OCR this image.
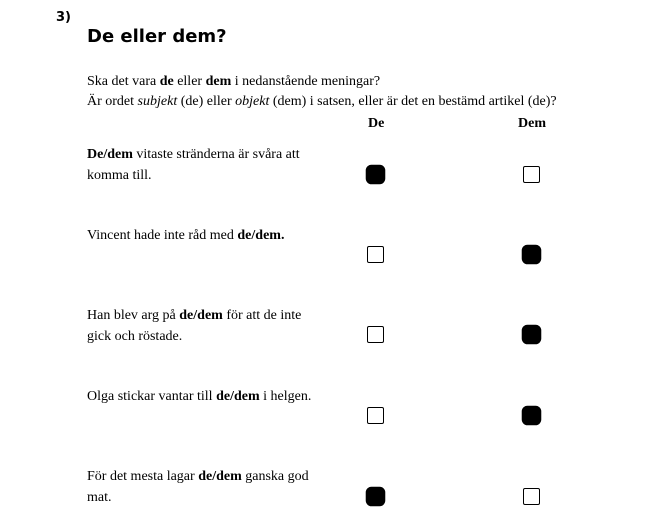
3)
De eller dem?
Ska det vara de eller dem i nedanstående meningar?
Är ordet subjekt (de) eller objekt (dem) i satsen, eller är det en bestämd artikel (de)?
De	Dem
De/dem vitaste stränderna är svåra att komma till.
Vincent hade inte råd med de/dem.
Han blev arg på de/dem för att de inte gick och röstade.
Olga stickar vantar till de/dem i helgen.
För det mesta lagar de/dem ganska god mat.
